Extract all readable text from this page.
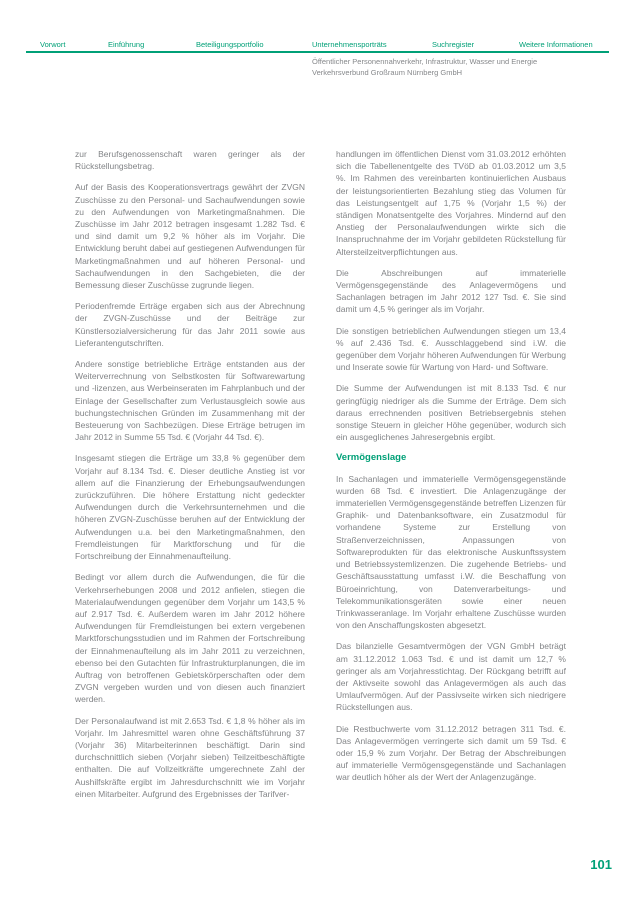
Vorwort	Einführung	Beteiligungsportfolio	Unternehmensporträts	Suchregister	Weitere Informationen
Öffentlicher Personennahverkehr, Infrastruktur, Wasser und Energie
Verkehrsverbund Großraum Nürnberg GmbH

zur Berufsgenossenschaft waren geringer als der Rückstellungsbetrag.

Auf der Basis des Kooperationsvertrags gewährt der ZVGN Zuschüsse zu den Personal- und Sachaufwendungen sowie zu den Aufwendungen von Marketingmaßnahmen. Die Zuschüsse im Jahr 2012 betragen insgesamt 1.282 Tsd. € und sind damit um 9,2 % höher als im Vorjahr. Die Entwicklung beruht dabei auf gestiegenen Aufwendungen für Marketingmaßnahmen und auf höheren Personal- und Sachaufwendungen in den Sachgebieten, die der Bemessung dieser Zuschüsse zugrunde liegen.

Periodenfremde Erträge ergaben sich aus der Abrechnung der ZVGN-Zuschüsse und der Beiträge zur Künstlersozialversicherung für das Jahr 2011 sowie aus Lieferantengutschriften.

Andere sonstige betriebliche Erträge entstanden aus der Weiterverrechnung von Selbstkosten für Softwarewartung und -lizenzen, aus Werbeinseraten im Fahrplanbuch und der Einlage der Gesellschafter zum Verlustausgleich sowie aus buchungstechnischen Gründen im Zusammenhang mit der Besteuerung von Sachbezügen. Diese Erträge betrugen im Jahr 2012 in Summe 55 Tsd. € (Vorjahr 44 Tsd. €).

Insgesamt stiegen die Erträge um 33,8 % gegenüber dem Vorjahr auf 8.134 Tsd. €. Dieser deutliche Anstieg ist vor allem auf die Finanzierung der Erhebungsaufwendungen zurückzuführen. Die höhere Erstattung nicht gedeckter Aufwendungen durch die Verkehrsunternehmen und die höheren ZVGN-Zuschüsse beruhen auf der Entwicklung der Aufwendungen u.a. bei den Marketingmaßnahmen, den Fremdleistungen für Marktforschung und für die Fortschreibung der Einnahmenaufteilung.

Bedingt vor allem durch die Aufwendungen, die für die Verkehrserhebungen 2008 und 2012 anfielen, stiegen die Materialaufwendungen gegenüber dem Vorjahr um 143,5 % auf 2.917 Tsd. €. Außerdem waren im Jahr 2012 höhere Aufwendungen für Fremdleistungen bei extern vergebenen Marktforschungsstudien und im Rahmen der Fortschreibung der Einnahmenaufteilung als im Jahr 2011 zu verzeichnen, ebenso bei den Gutachten für Infrastrukturplanungen, die im Auftrag von betroffenen Gebietskörperschaften oder dem ZVGN vergeben wurden und von diesen auch finanziert werden.

Der Personalaufwand ist mit 2.653 Tsd. € 1,8 % höher als im Vorjahr. Im Jahresmittel waren ohne Geschäftsführung 37 (Vorjahr 36) Mitarbeiterinnen beschäftigt. Darin sind durchschnittlich sieben (Vorjahr sieben) Teilzeitbeschäftigte enthalten. Die auf Vollzeitkräfte umgerechnete Zahl der Aushilfskräfte ergibt im Jahresdurchschnitt wie im Vorjahr einen Mitarbeiter. Aufgrund des Ergebnisses der Tarifver-

handlungen im öffentlichen Dienst vom 31.03.2012 erhöhten sich die Tabellenentgelte des TVöD ab 01.03.2012 um 3,5 %. Im Rahmen des vereinbarten kontinuierlichen Ausbaus der leistungsorientierten Bezahlung stieg das Volumen für das Leistungsentgelt auf 1,75 % (Vorjahr 1,5 %) der ständigen Monatsentgelte des Vorjahres. Mindernd auf den Anstieg der Personalaufwendungen wirkte sich die Inanspruchnahme der im Vorjahr gebildeten Rückstellung für Altersteilzeitverpflichtungen aus.

Die Abschreibungen auf immaterielle Vermögensgegenstände des Anlagevermögens und Sachanlagen betragen im Jahr 2012 127 Tsd. €. Sie sind damit um 4,5 % geringer als im Vorjahr.

Die sonstigen betrieblichen Aufwendungen stiegen um 13,4 % auf 2.436 Tsd. €. Ausschlaggebend sind i.W. die gegenüber dem Vorjahr höheren Aufwendungen für Werbung und Inserate sowie für Wartung von Hard- und Software.

Die Summe der Aufwendungen ist mit 8.133 Tsd. € nur geringfügig niedriger als die Summe der Erträge. Dem sich daraus errechnenden positiven Betriebsergebnis stehen sonstige Steuern in gleicher Höhe gegenüber, wodurch sich ein ausgeglichenes Jahresergebnis ergibt.

Vermögenslage

In Sachanlagen und immaterielle Vermögensgegenstände wurden 68 Tsd. € investiert. Die Anlagenzugänge der immateriellen Vermögensgegenstände betreffen Lizenzen für Graphik- und Datenbanksoftware, ein Zusatzmodul für vorhandene Systeme zur Erstellung von Straßenverzeichnissen, Anpassungen von Softwareprodukten für das elektronische Auskunftssystem und Betriebssystemlizenzen. Die zugehende Betriebs- und Geschäftsausstattung umfasst i.W. die Beschaffung von Büroeinrichtung, von Datenverarbeitungs- und Telekommunikationsgeräten sowie einer neuen Trinkwasseranlage. Im Vorjahr erhaltene Zuschüsse wurden von den Anschaffungskosten abgesetzt.

Das bilanzielle Gesamtvermögen der VGN GmbH beträgt am 31.12.2012 1.063 Tsd. € und ist damit um 12,7 % geringer als am Vorjahresstichtag. Der Rückgang betrifft auf der Aktivseite sowohl das Anlagevermögen als auch das Umlaufvermögen. Auf der Passivseite wirken sich niedrigere Rückstellungen aus.

Die Restbuchwerte vom 31.12.2012 betragen 311 Tsd. €. Das Anlagevermögen verringerte sich damit um 59 Tsd. € oder 15,9 % zum Vorjahr. Der Betrag der Abschreibungen auf immaterielle Vermögensgegenstände und Sachanlagen war deutlich höher als der Wert der Anlagenzugänge.

101
